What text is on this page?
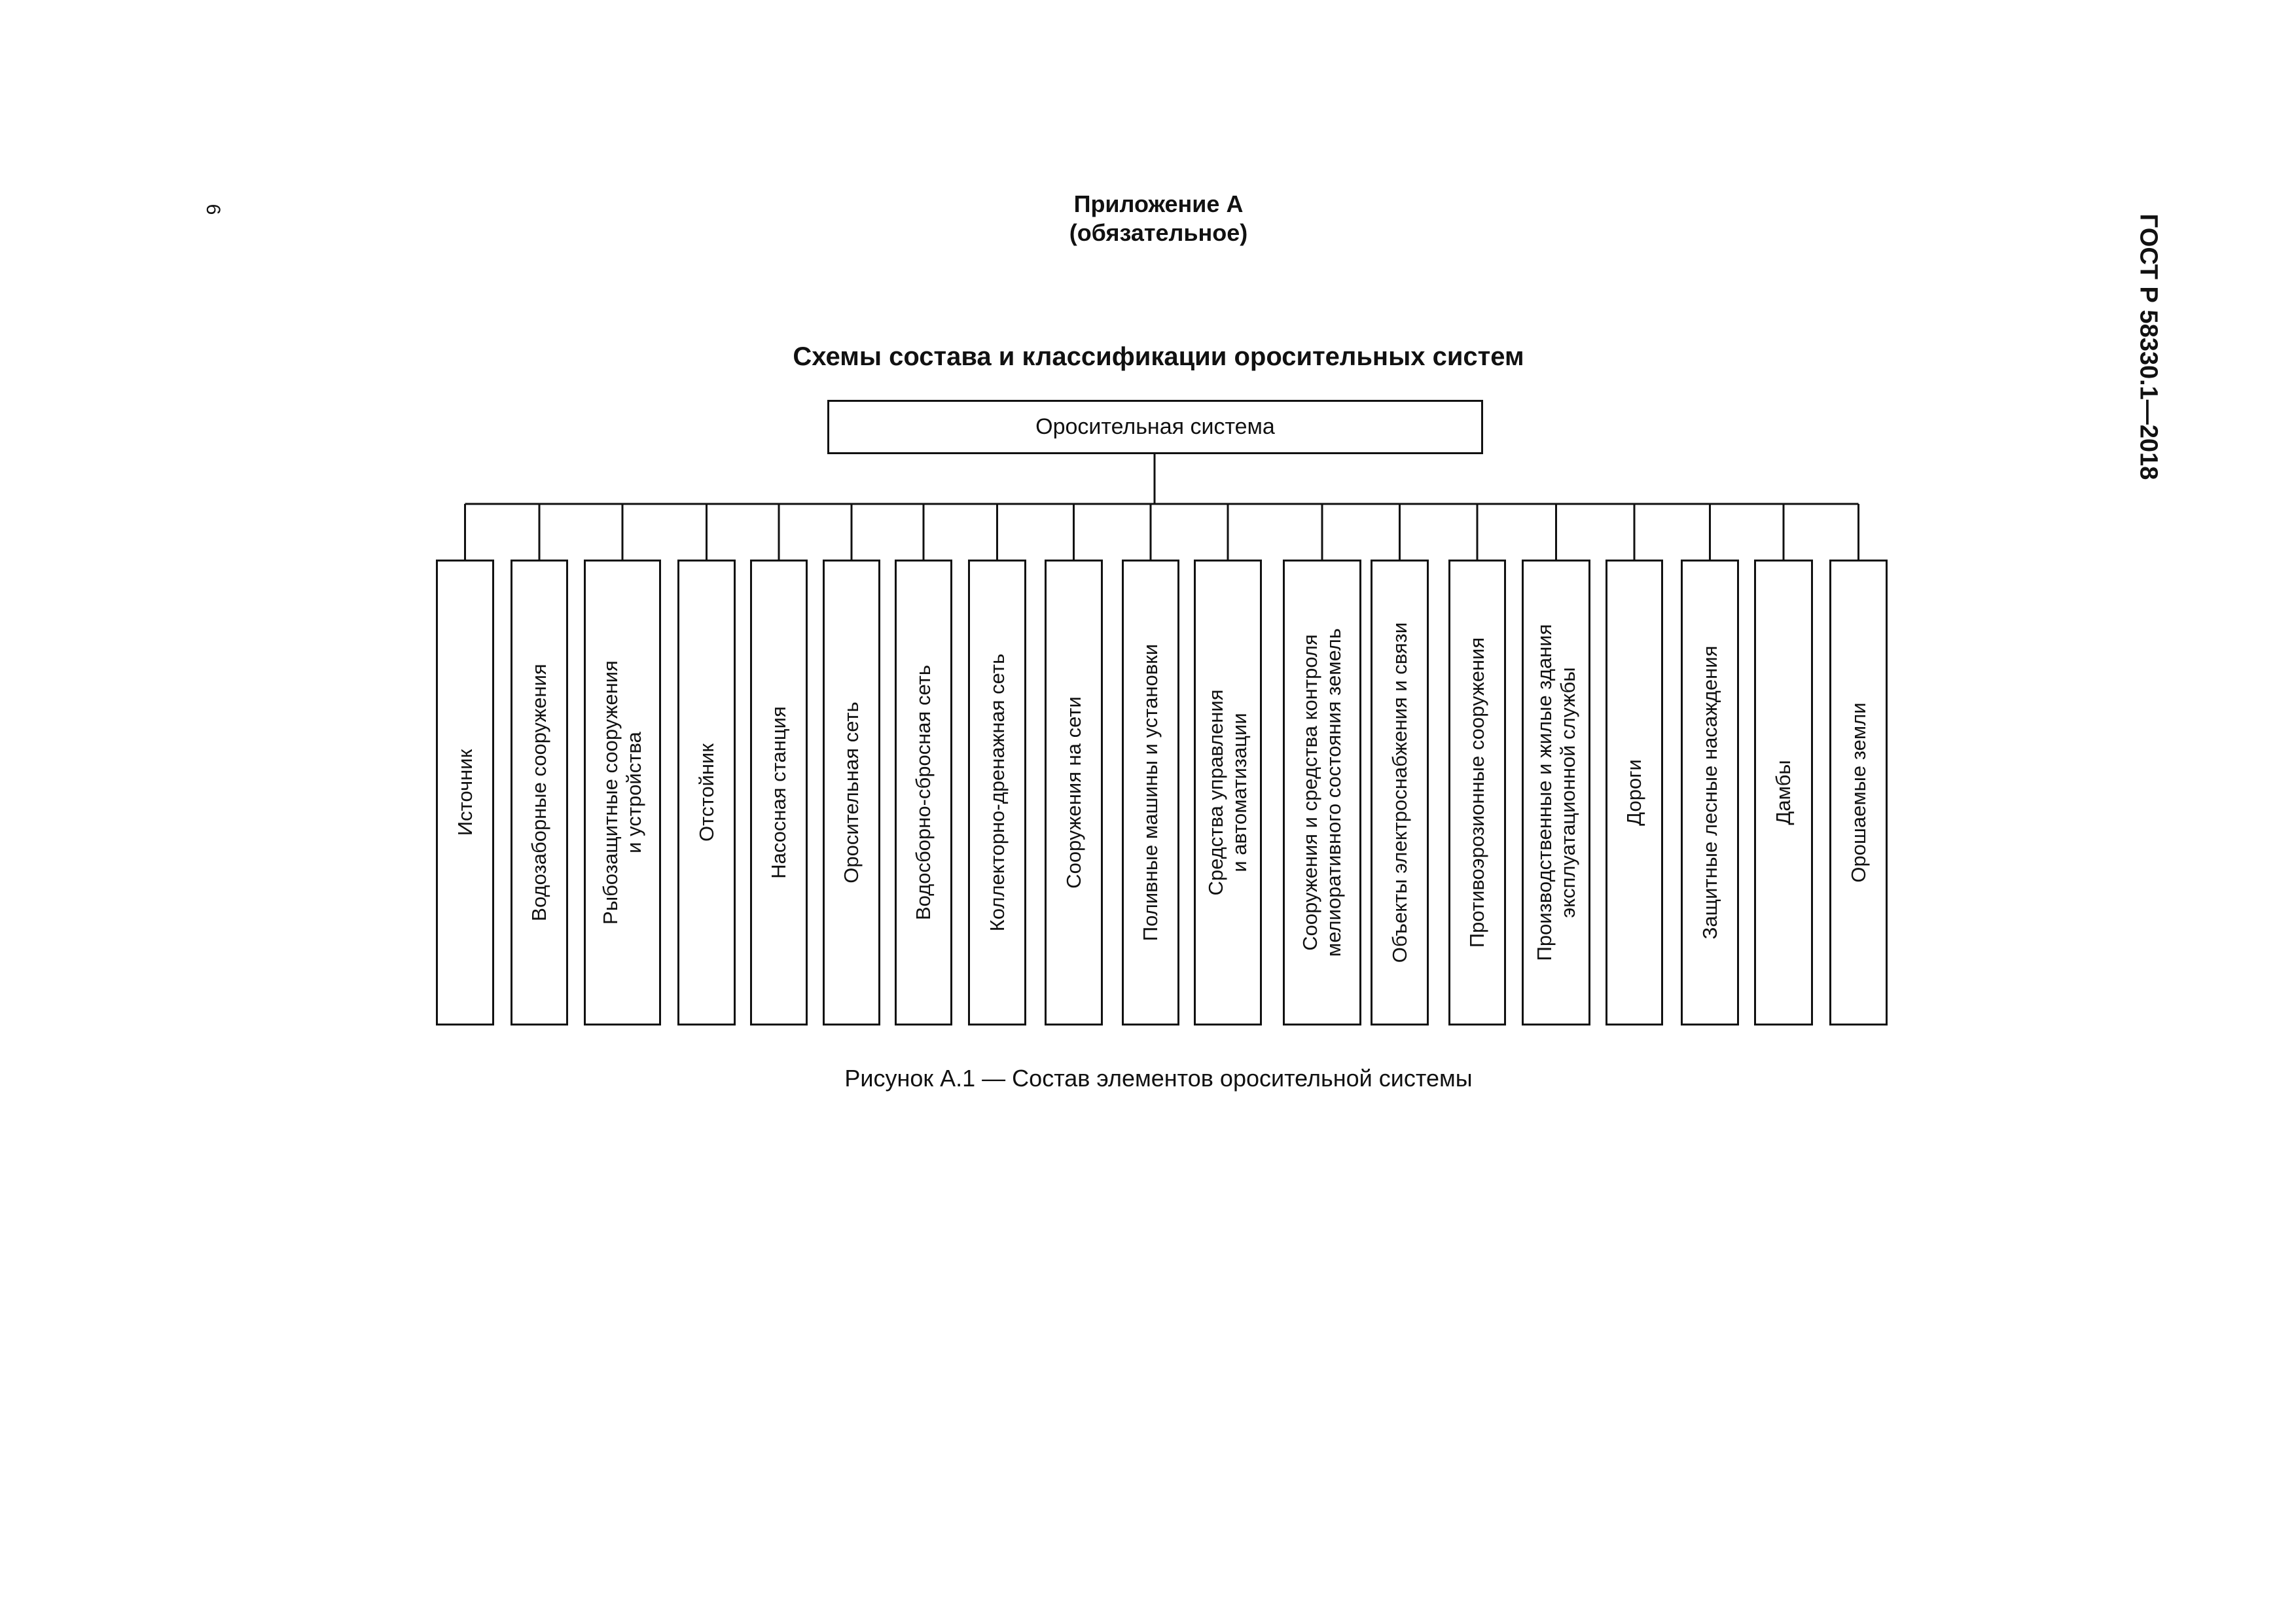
6
ГОСТ Р 58330.1—2018
Приложение А
(обязательное)
Схемы состава и классификации оросительных систем
Оросительная система
Источник	Водозаборные сооружения Рыбозащитные сооружения
и устройства Отстойник Насосная станция Оросительная сеть Водосборно-сбросная сеть	Коллекторно-дренажная сеть	Сооружения на сети	Поливные машины и установки Средства управления
и автоматизации
Сооружения и средства контроля
мелиоративного состояния земель Объекты электроснабжения и связи	Противоэрозионные сооружения Производственные и жилые здания
эксплуатационной службы
Дороги	Защитные лесные насаждения	Дамбы	Орошаемые земли
Рисунок А.1 — Состав элементов оросительной системы
